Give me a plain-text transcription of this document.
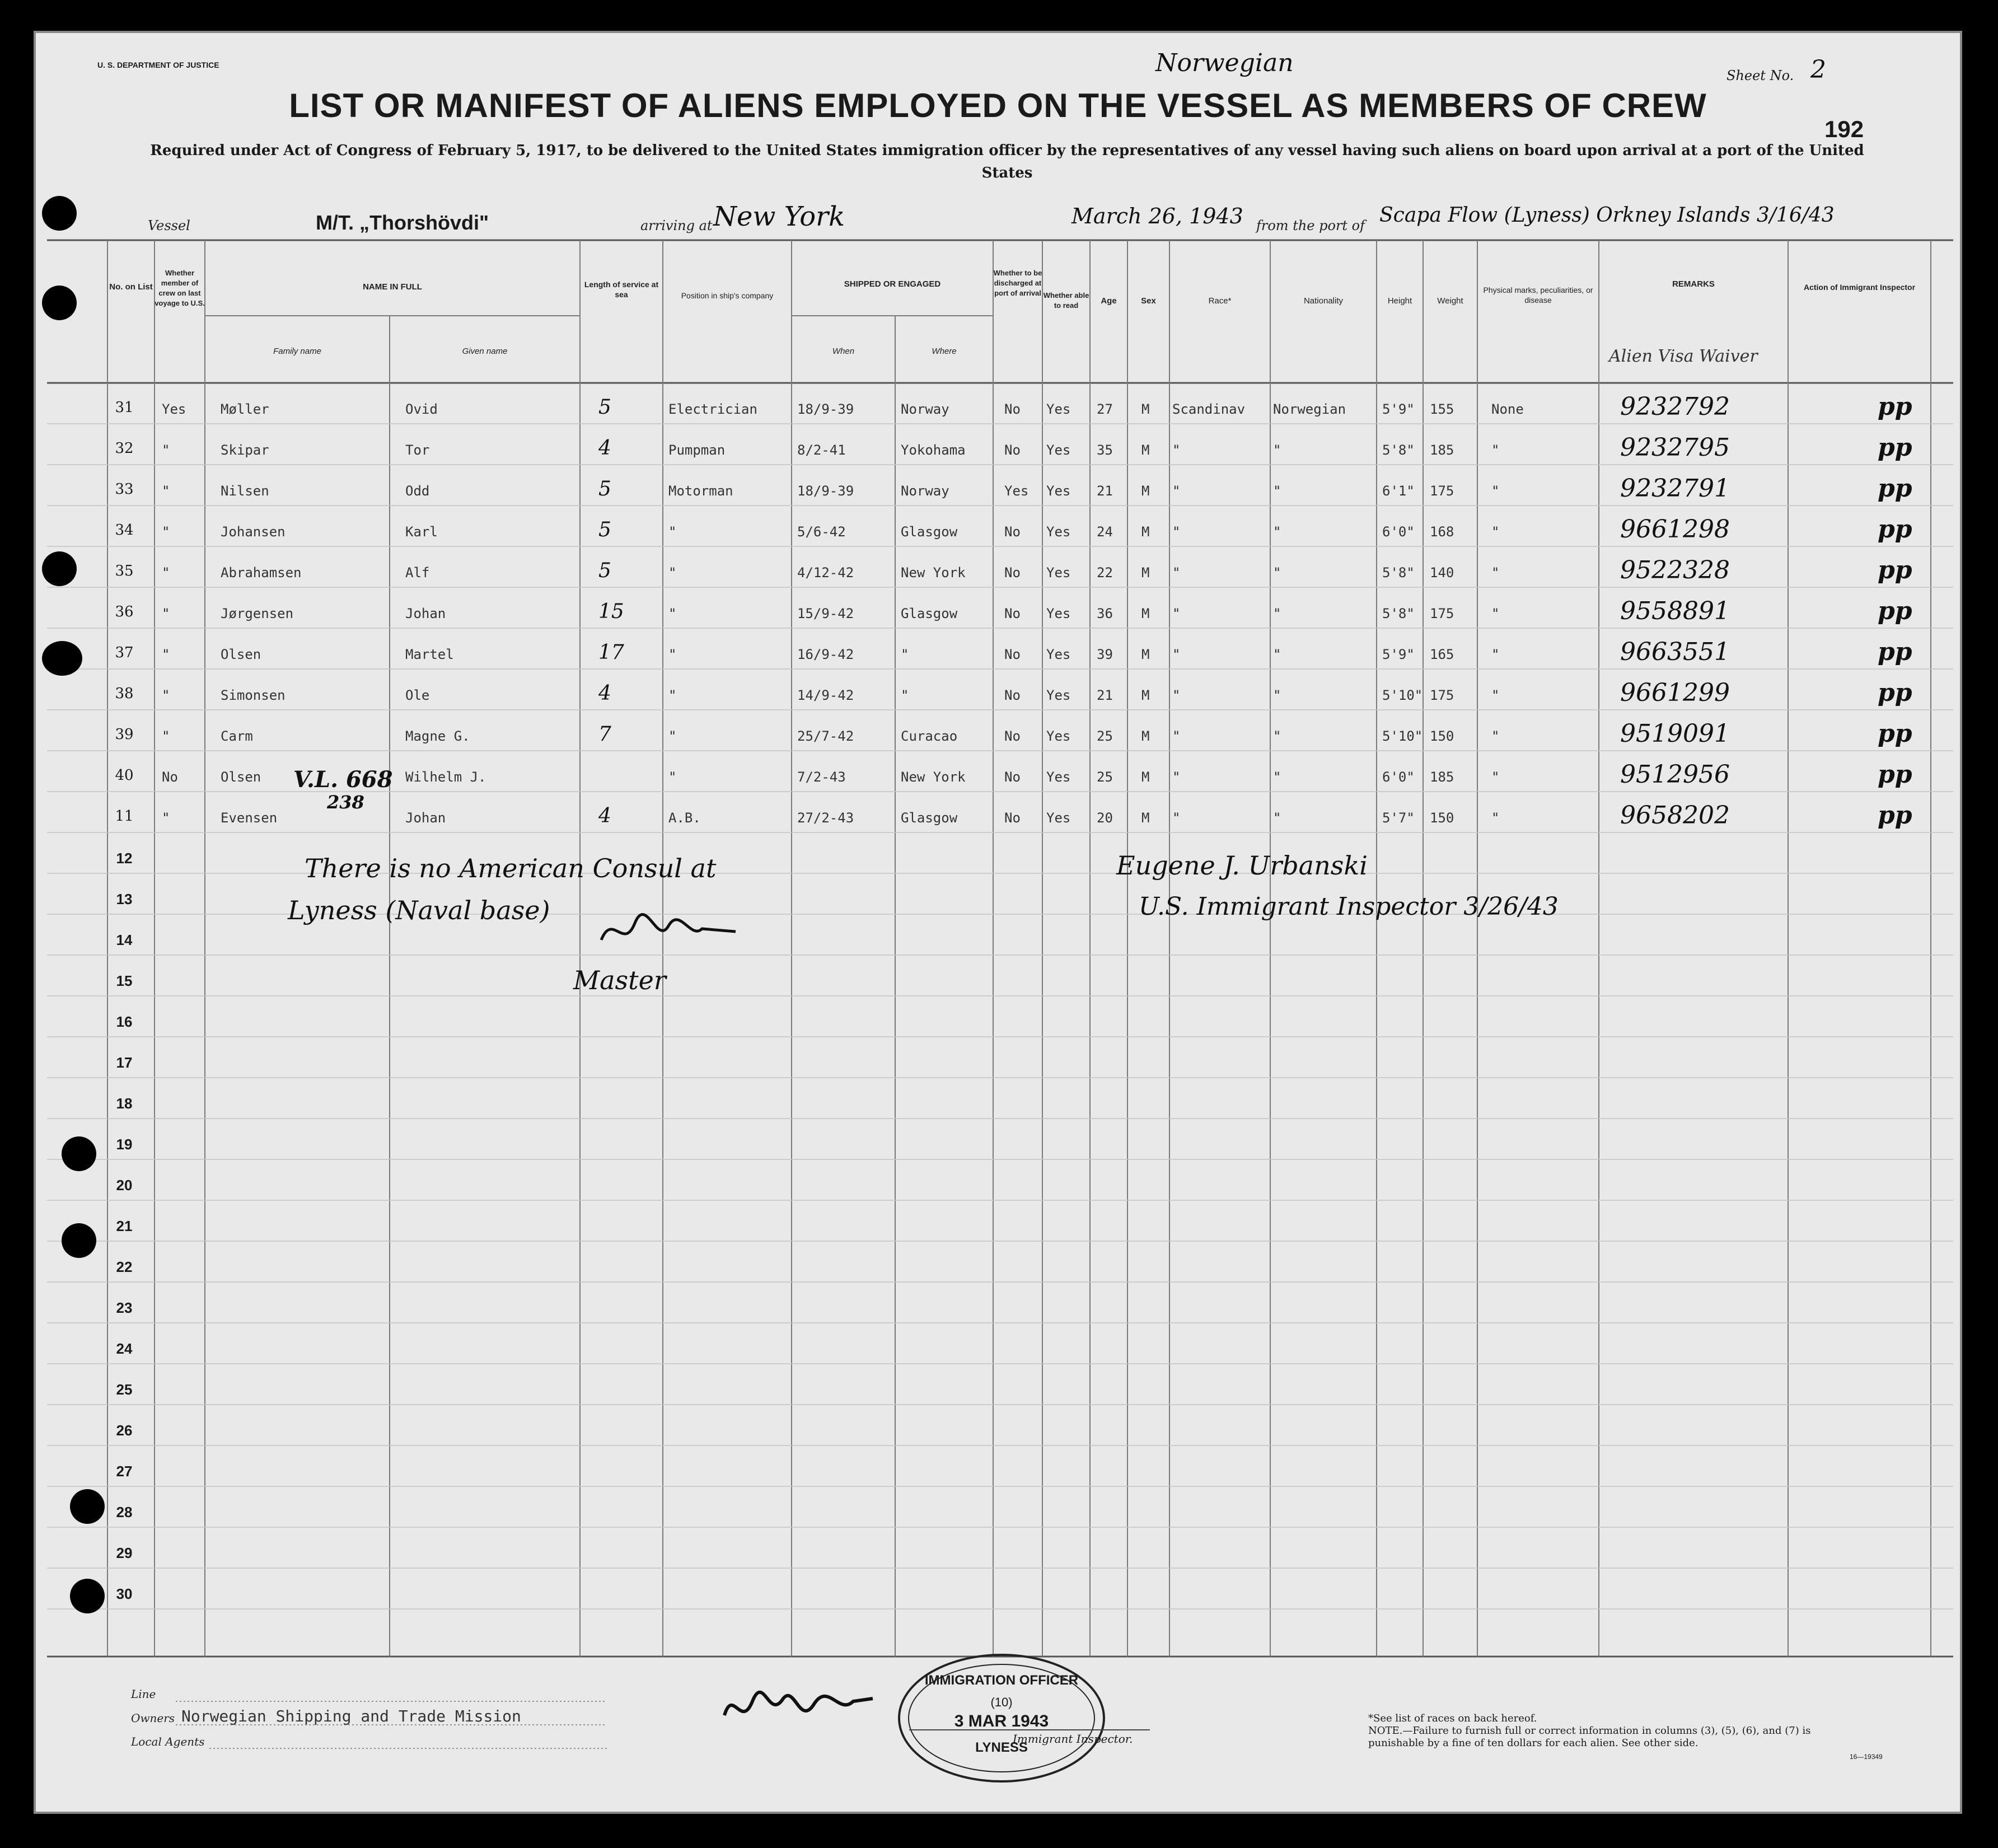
U. S. DEPARTMENT OF JUSTICE	Norwegian	Sheet No. 2
192
LIST OR MANIFEST OF ALIENS EMPLOYED ON THE VESSEL AS MEMBERS OF CREW
Required under Act of Congress of February 5, 1917, to be delivered to the United States immigration officer by the representatives of any vessel having such aliens on board upon arrival at a port of the United States
Vessel	M/T. „Thorshövdi"	arriving at New York	March 26, 1943 from the port of Scapa Flow (Lyness) Orkney Islands 3/16/43
No. on List
Whether member of crew on last voyage to U.S.
NAME IN FULL
Family name	Given name
Length of service at sea	Position in ship's company
SHIPPED OR ENGAGED
When	Where
Whether to be discharged at port of arrival Whether able to read	Age	Sex	Race*	Nationality	Height	Weight
Physical marks, peculiarities, or disease
REMARKS	Action of Immigrant Inspector
Alien Visa Waiver
31	Yes	Møller	Ovid	5	Electrician	18/9-39	Norway	No Yes 27 M Scandinav Norwegian	5'9" 155	None	9232792	pp
32	"	Skipar	Tor	4	Pumpman	8/2-41	Yokohama	No Yes 35 M "	"	5'8" 185	"	9232795	pp
33	"	Nilsen	Odd	5	Motorman	18/9-39	Norway	Yes Yes 21 M "	"	6'1" 175	"	9232791	pp
34	"	Johansen	Karl	5	"	5/6-42	Glasgow	No Yes 24 M "	"	6'0" 168	"	9661298	pp
35	"	Abrahamsen	Alf	5	"	4/12-42	New York	No Yes 22 M "	"	5'8" 140	"	9522328	pp
36	"	Jørgensen	Johan	15	"	15/9-42	Glasgow	No Yes 36 M "	"	5'8" 175	"	9558891	pp
37	"	Olsen	Martel	17	"	16/9-42	"	No Yes 39 M "	"	5'9" 165	"	9663551	pp
38	"	Simonsen	Ole	4	"	14/9-42	"	No Yes 21 M "	"	5'10" 175	"	9661299	pp
39	"	Carm	Magne G.	7	"	25/7-42	Curacao	No Yes 25 M "	"	5'10" 150	"	9519091	pp
40	No	Olsen	Wilhelm J.	"	7/2-43	New York	No Yes 25 M "	"	6'0" 185	"	9512956	pp
11	"	Evensen	Johan	4	A.B.	27/2-43	Glasgow	No Yes 20 M "	"	5'7" 150	"	9658202	pp
12
13
14
15
16
17
18
19
20
21
22
23
24
25
26
27
28
29
30
V.L. 668
238
There is no American Consul at
Lyness (Naval base)
Master
Eugene J. Urbanski
U.S. Immigrant Inspector 3/26/43
Line
Owners Norwegian Shipping and Trade Mission
Local Agents
IMMIGRATION OFFICER
(10)
3 MAR 1943
LYNESS
Immigrant Inspector.
*See list of races on back hereof.
NOTE.—Failure to furnish full or correct information in columns (3), (5), (6), and (7) is punishable by a fine of ten dollars for each alien. See other side.
16—19349
